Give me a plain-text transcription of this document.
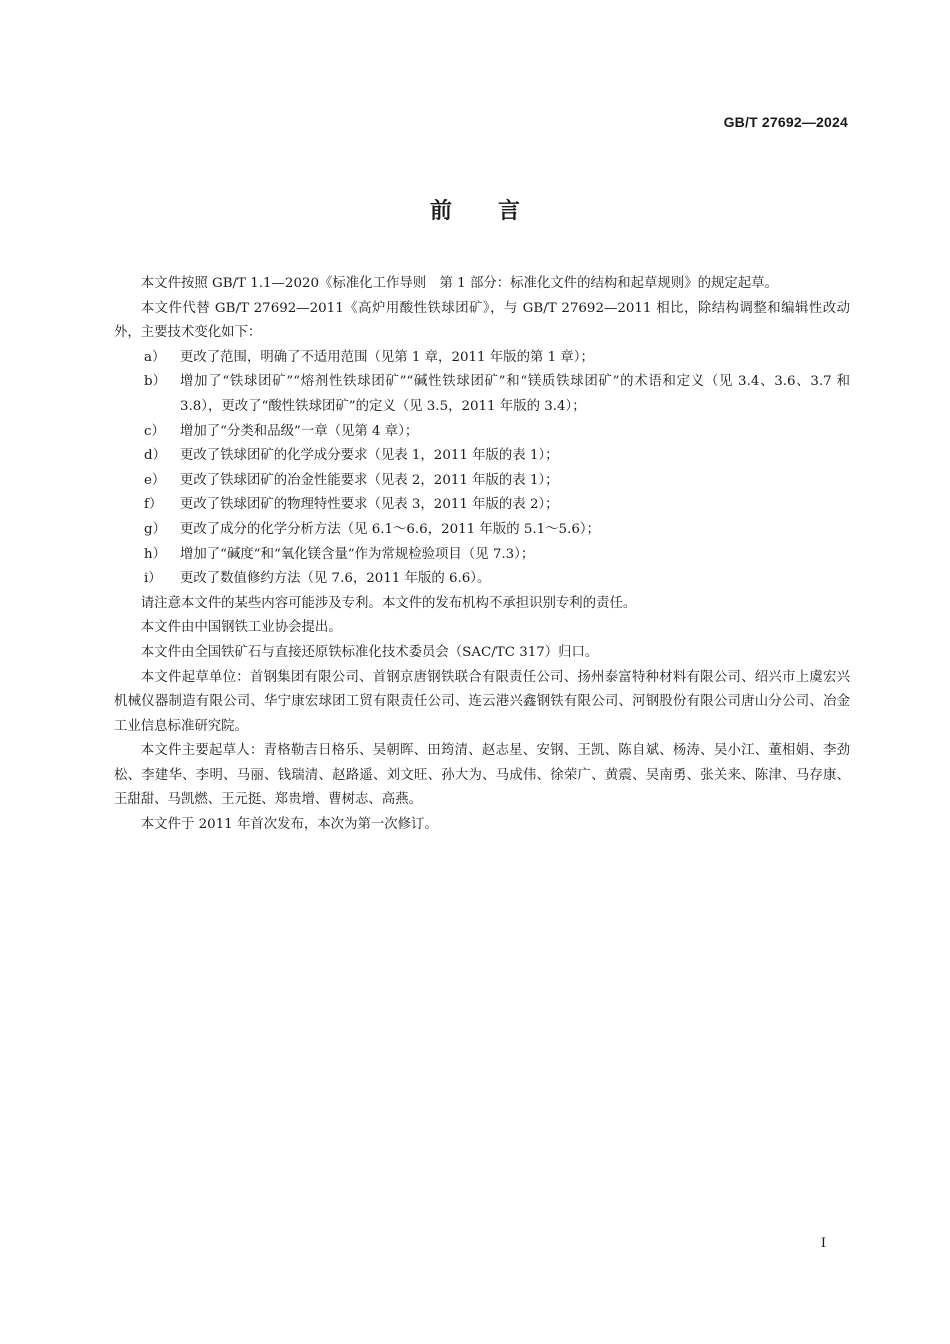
GB/T 27692—2024
前言

本文件按照 GB/T 1.1—2020《标准化工作导则　第 1 部分：标准化文件的结构和起草规则》的规定起草。

本文件代替 GB/T 27692—2011《高炉用酸性铁球团矿》，与 GB/T 27692—2011 相比，除结构调整和编辑性改动外，主要技术变化如下：

a）	更改了范围，明确了不适用范围（见第 1 章，2011 年版的第 1 章）；
b）	增加了“铁球团矿”“熔剂性铁球团矿”“碱性铁球团矿”和“镁质铁球团矿”的术语和定义（见 3.4、3.6、3.7 和 3.8），更改了“酸性铁球团矿”的定义（见 3.5，2011 年版的 3.4）；
c）	增加了“分类和品级”一章（见第 4 章）；
d）	更改了铁球团矿的化学成分要求（见表 1，2011 年版的表 1）；
e）	更改了铁球团矿的冶金性能要求（见表 2，2011 年版的表 1）；
f）	更改了铁球团矿的物理特性要求（见表 3，2011 年版的表 2）；
g）	更改了成分的化学分析方法（见 6.1～6.6，2011 年版的 5.1～5.6）；
h）	增加了“碱度”和“氧化镁含量”作为常规检验项目（见 7.3）；
i）	更改了数值修约方法（见 7.6，2011 年版的 6.6）。

请注意本文件的某些内容可能涉及专利。本文件的发布机构不承担识别专利的责任。

本文件由中国钢铁工业协会提出。

本文件由全国铁矿石与直接还原铁标准化技术委员会（SAC/TC 317）归口。

本文件起草单位：首钢集团有限公司、首钢京唐钢铁联合有限责任公司、扬州泰富特种材料有限公司、绍兴市上虞宏兴机械仪器制造有限公司、华宁康宏球团工贸有限责任公司、连云港兴鑫钢铁有限公司、河钢股份有限公司唐山分公司、冶金工业信息标准研究院。

本文件主要起草人：青格勒吉日格乐、吴朝晖、田筠清、赵志星、安钢、王凯、陈自斌、杨涛、吴小江、董相娟、李劲松、李建华、李明、马丽、钱瑞清、赵路遥、刘文旺、孙大为、马成伟、徐荣广、黄震、吴南勇、张关来、陈津、马存康、王甜甜、马凯燃、王元挺、郑贵增、曹树志、高燕。

本文件于 2011 年首次发布，本次为第一次修订。

I
